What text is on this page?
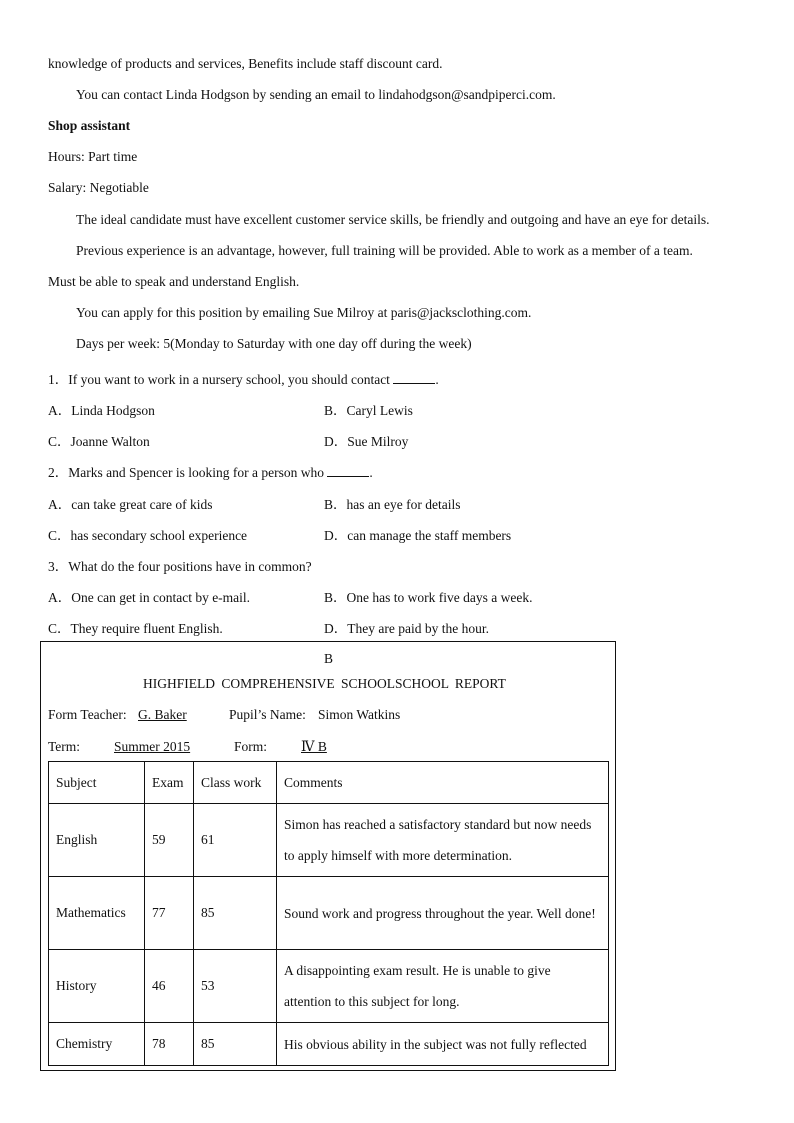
knowledge of products and services, Benefits include staff discount card.
You can contact Linda Hodgson by sending an email to lindahodgson@sandpiperci.com.
Shop assistant
Hours: Part time
Salary: Negotiable
The ideal candidate must have excellent customer service skills, be friendly and outgoing and have an eye for details.
Previous experience is an advantage, however, full training will be provided. Able to work as a member of a team.
Must be able to speak and understand English.
You can apply for this position by emailing Sue Milroy at paris@jacksclothing.com.
Days per week: 5(Monday to Saturday with one day off during the week)
1．If you want to work in a nursery school, you should contact	.
A．Linda Hodgson	B．Caryl Lewis
C．Joanne Walton	D．Sue Milroy
2．Marks and Spencer is looking for a person who	.
A．can take great care of kids	B．has an eye for details
C．has secondary school experience	D．can manage the staff members
3．What do the four positions have in common?
A．One can get in contact by e-mail.	B．One has to work five days a week.
C．They require fluent English.	D．They are paid by the hour.
B
HIGHFIELD COMPREHENSIVE SCHOOLSCHOOL REPORT
Form Teacher: G. Baker	Pupil’s Name: Simon Watkins
Term:	Summer 2015	Form:	Ⅳ B
Subject	Exam	Class work	Comments
English	59	61	Simon has reached a satisfactory standard but now needs to apply himself with more determination.
Mathematics	77	85	Sound work and progress throughout the year. Well done!
History	46	53	A disappointing exam result. He is unable to give attention to this subject for long.
Chemistry	78	85	His obvious ability in the subject was not fully reflected
